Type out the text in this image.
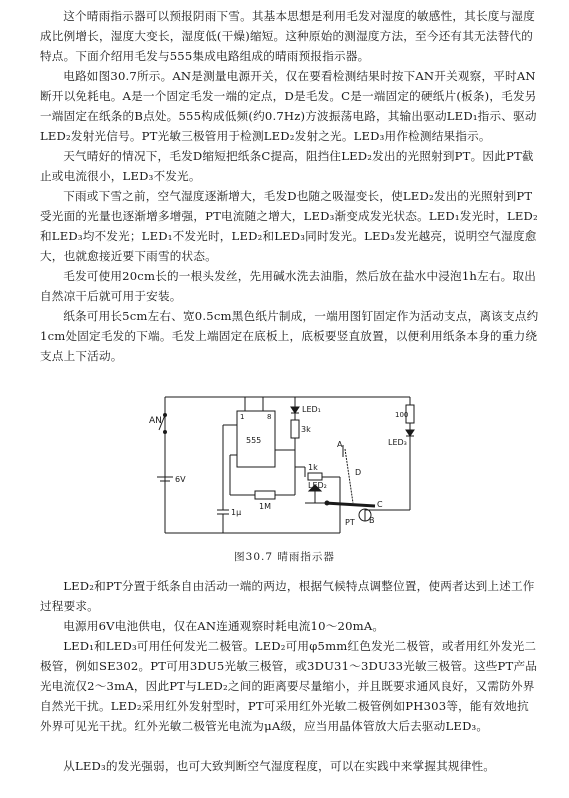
这个晴雨指示器可以预报阴雨下雪。其基本思想是利用毛发对湿度的敏感性，其长度与湿度成比例增长，湿度大变长，湿度低(干燥)缩短。这种原始的测湿度方法，至今还有其无法替代的特点。下面介绍用毛发与555集成电路组成的晴雨预报指示器。

电路如图30.7所示。AN是测量电源开关，仅在要看检测结果时按下AN开关观察，平时AN断开以免耗电。A是一个固定毛发一端的定点，D是毛发。C是一端固定的硬纸片(板条)，毛发另一端固定在纸条的B点处。555构成低频(约0.7Hz)方波振荡电路，其输出驱动LED₁指示、驱动LED₂发射光信号。PT光敏三极管用于检测LED₂发射之光。LED₃用作检测结果指示。

天气晴好的情况下，毛发D缩短把纸条C提高，阻挡住LED₂发出的光照射到PT。因此PT截止或电流很小，LED₃不发光。

下雨或下雪之前，空气湿度逐渐增大，毛发D也随之吸湿变长，使LED₂发出的光照射到PT受光面的光量也逐渐增多增强，PT电流随之增大，LED₃渐变成发光状态。LED₁发光时，LED₂和LED₃均不发光；LED₁不发光时，LED₂和LED₃同时发光。LED₃发光越亮，说明空气湿度愈大，也就愈接近要下雨雪的状态。

毛发可使用20cm长的一根头发丝，先用碱水洗去油脂，然后放在盐水中浸泡1h左右。取出自然凉干后就可用于安装。

纸条可用长5cm左右、宽0.5cm黑色纸片制成，一端用图钉固定作为活动支点，离该支点约1cm处固定毛发的下端。毛发上端固定在底板上，底板要竖直放置，以便利用纸条本身的重力绕支点上下活动。

AN
6V
555
1	8
3k
1k
1M
100
1μ
LED₁
LED₂
LED₃
PT
A
B
C
D
图30.7 晴雨指示器

LED₂和PT分置于纸条自由活动一端的两边，根据气候特点调整位置，使两者达到上述工作过程要求。

电源用6V电池供电，仅在AN连通观察时耗电流10～20mA。

LED₁和LED₃可用任何发光二极管。LED₂可用φ5mm红色发光二极管，或者用红外发光二极管，例如SE302。PT可用3DU5光敏三极管，或3DU31～3DU33光敏三极管。这些PT产品光电流仅2～3mA，因此PT与LED₂之间的距离要尽量缩小，并且既要求通风良好，又需防外界自然光干扰。LED₂采用红外发射型时，PT可采用红外光敏二极管例如PH303等，能有效地抗外界可见光干扰。红外光敏二极管光电流为μA级，应当用晶体管放大后去驱动LED₃。

从LED₃的发光强弱，也可大致判断空气湿度程度，可以在实践中来掌握其规律性。
